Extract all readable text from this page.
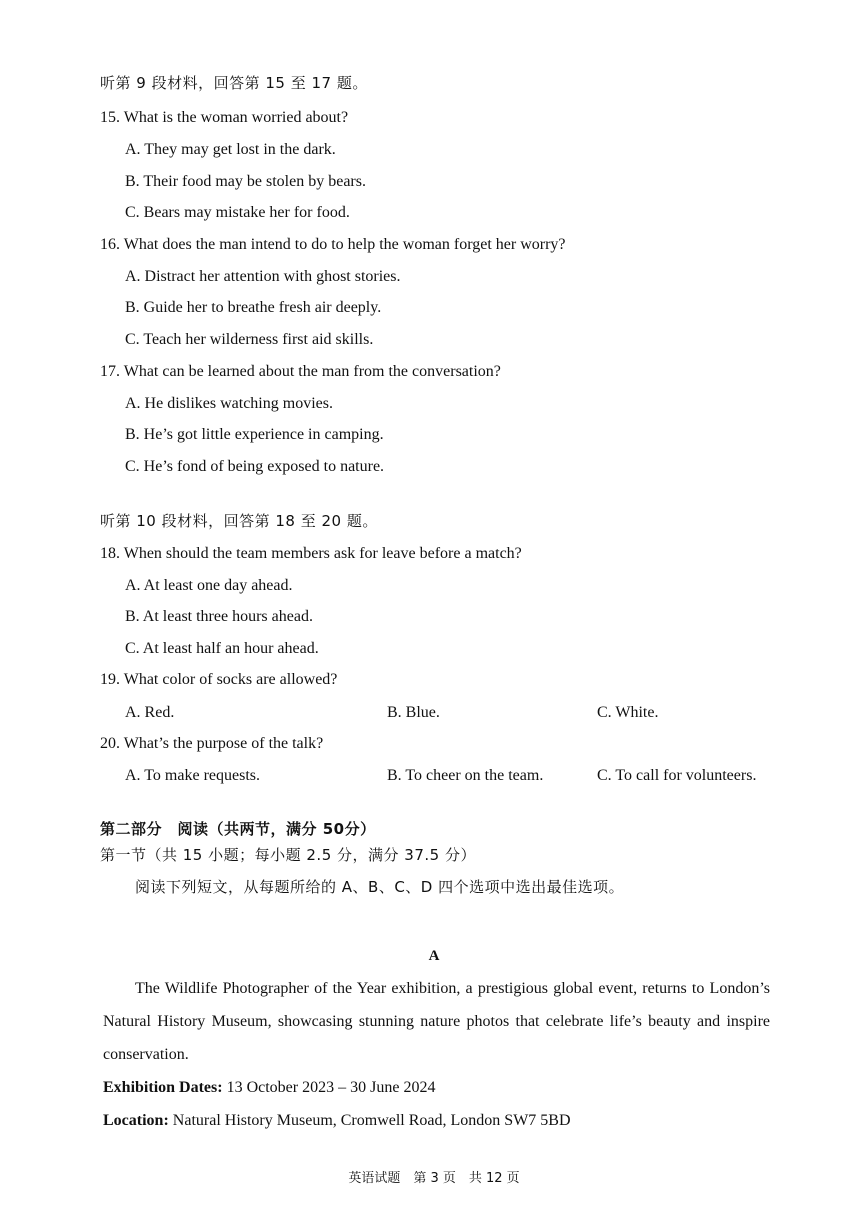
听第 9 段材料，回答第 15 至 17 题。
15. What is the woman worried about?
A. They may get lost in the dark.
B. Their food may be stolen by bears.
C. Bears may mistake her for food.
16. What does the man intend to do to help the woman forget her worry?
A. Distract her attention with ghost stories.
B. Guide her to breathe fresh air deeply.
C. Teach her wilderness first aid skills.
17. What can be learned about the man from the conversation?
A. He dislikes watching movies.
B. He’s got little experience in camping.
C. He’s fond of being exposed to nature.
听第 10 段材料，回答第 18 至 20 题。
18. When should the team members ask for leave before a match?
A. At least one day ahead.
B. At least three hours ahead.
C. At least half an hour ahead.
19. What color of socks are allowed?
A. Red.	B. Blue.	C. White.
20. What’s the purpose of the talk?
A. To make requests.	B. To cheer on the team.	C. To call for volunteers.
第二部分　阅读（共两节，满分 50分）
第一节（共 15 小题；每小题 2.5 分，满分 37.5 分）
阅读下列短文，从每题所给的 A、B、C、D 四个选项中选出最佳选项。
A
The Wildlife Photographer of the Year exhibition, a prestigious global event, returns to London’s Natural History Museum, showcasing stunning nature photos that celebrate life’s beauty and inspire conservation.
Exhibition Dates: 13 October 2023 – 30 June 2024
Location: Natural History Museum, Cromwell Road, London SW7 5BD
英语试题　第 3 页　共 12 页
